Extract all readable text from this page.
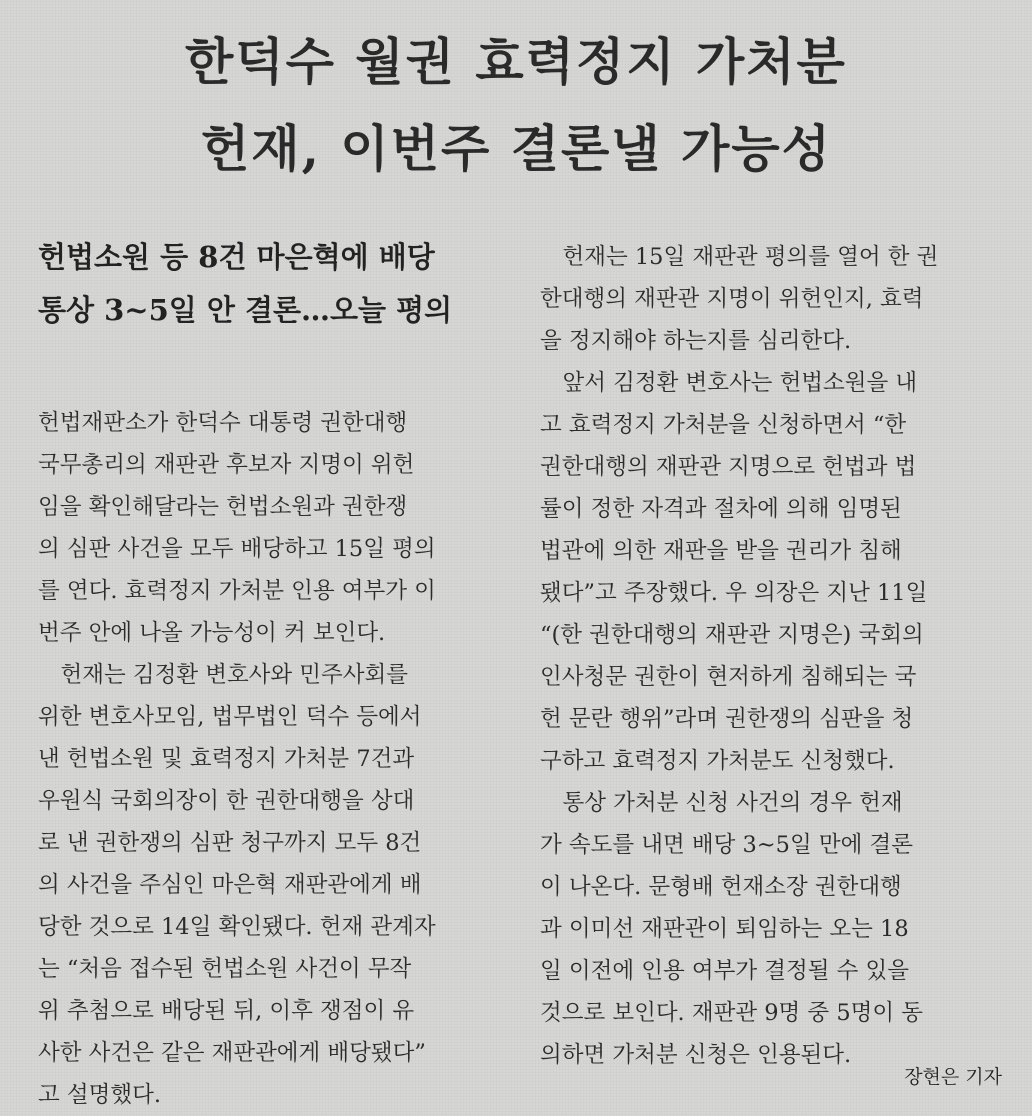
한덕수 월권 효력정지 가처분
헌재, 이번주 결론낼 가능성
헌법소원 등 8건 마은혁에 배당
통상 3~5일 안 결론…오늘 평의
헌법재판소가 한덕수 대통령 권한대행
국무총리의 재판관 후보자 지명이 위헌
임을 확인해달라는 헌법소원과 권한쟁
의 심판 사건을 모두 배당하고 15일 평의
를 연다. 효력정지 가처분 인용 여부가 이
번주 안에 나올 가능성이 커 보인다.
　헌재는 김정환 변호사와 민주사회를
위한 변호사모임, 법무법인 덕수 등에서
낸 헌법소원 및 효력정지 가처분 7건과
우원식 국회의장이 한 권한대행을 상대
로 낸 권한쟁의 심판 청구까지 모두 8건
의 사건을 주심인 마은혁 재판관에게 배
당한 것으로 14일 확인됐다. 헌재 관계자
는 “처음 접수된 헌법소원 사건이 무작
위 추첨으로 배당된 뒤, 이후 쟁점이 유
사한 사건은 같은 재판관에게 배당됐다”
고 설명했다.
　헌재는 15일 재판관 평의를 열어 한 권
한대행의 재판관 지명이 위헌인지, 효력
을 정지해야 하는지를 심리한다.
　앞서 김정환 변호사는 헌법소원을 내
고 효력정지 가처분을 신청하면서 “한
권한대행의 재판관 지명으로 헌법과 법
률이 정한 자격과 절차에 의해 임명된
법관에 의한 재판을 받을 권리가 침해
됐다”고 주장했다. 우 의장은 지난 11일
“(한 권한대행의 재판관 지명은) 국회의
인사청문 권한이 현저하게 침해되는 국
헌 문란 행위”라며 권한쟁의 심판을 청
구하고 효력정지 가처분도 신청했다.
　통상 가처분 신청 사건의 경우 헌재
가 속도를 내면 배당 3~5일 만에 결론
이 나온다. 문형배 헌재소장 권한대행
과 이미선 재판관이 퇴임하는 오는 18
일 이전에 인용 여부가 결정될 수 있을
것으로 보인다. 재판관 9명 중 5명이 동
의하면 가처분 신청은 인용된다.
장현은 기자
